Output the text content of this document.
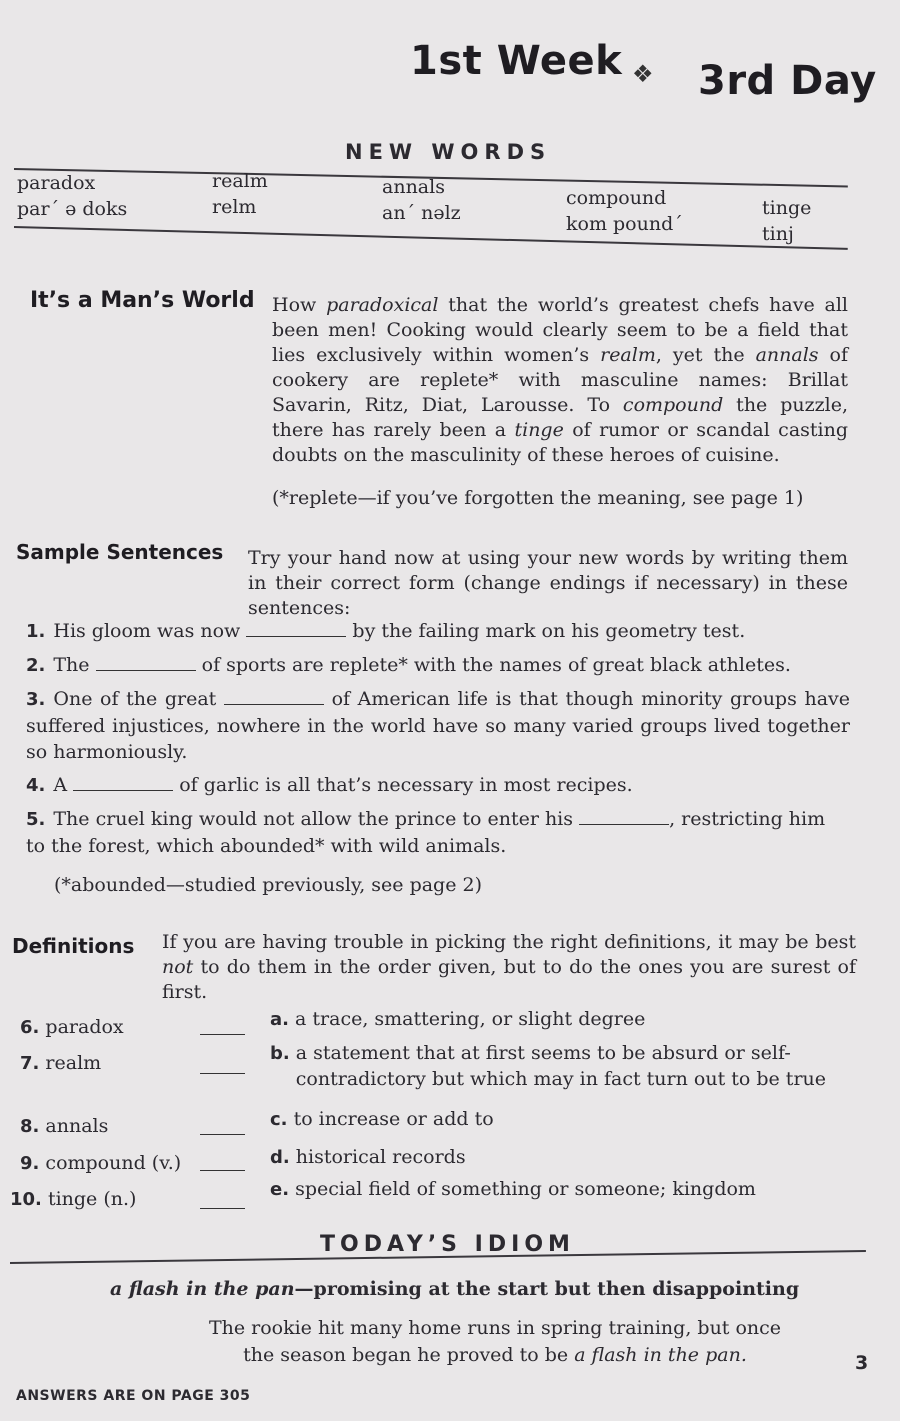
1st Week ❖ 3rd Day
NEW WORDS
paradox
par´ ə doks
realm
relm
annals
an´ nəlz
compound
kom pound´
tinge
tinj
It’s a Man’s World How paradoxical that the world’s greatest chefs have all been men! Cooking would clearly seem to be a field that lies exclusively within women’s realm, yet the annals of cookery are replete* with masculine names: Brillat Savarin, Ritz, Diat, Larousse. To compound the puzzle, there has rarely been a tinge of rumor or scandal casting doubts on the masculinity of these heroes of cuisine.
(*replete—if you’ve forgotten the meaning, see page 1)
Sample Sentences Try your hand now at using your new words by writing them in their correct form (change endings if necessary) in these sentences:
1. His gloom was now	by the failing mark on his geometry test.
2. The	of sports are replete* with the names of great black athletes.
3. One of the great	of American life is that though minority groups have suffered injustices, nowhere in the world have so many varied groups lived together so harmoniously.
4. A	of garlic is all that’s necessary in most recipes.
5. The cruel king would not allow the prince to enter his	, restricting him to the forest, which abounded* with wild animals.
(*abounded—studied previously, see page 2)
Definitions If you are having trouble in picking the right definitions, it may be best not to do them in the order given, but to do the ones you are surest of first.
6. paradox
7. realm
8. annals
9. compound (v.)
10. tinge (n.)
a. a trace, smattering, or slight degree
b. a statement that at first seems to be absurd or self-contradictory but which may in fact turn out to be true
c. to increase or add to
d. historical records
e. special field of something or someone; kingdom
TODAY’S IDIOM
a flash in the pan—promising at the start but then disappointing
The rookie hit many home runs in spring training, but once the season began he proved to be a flash in the pan.	3
ANSWERS ARE ON PAGE 305
